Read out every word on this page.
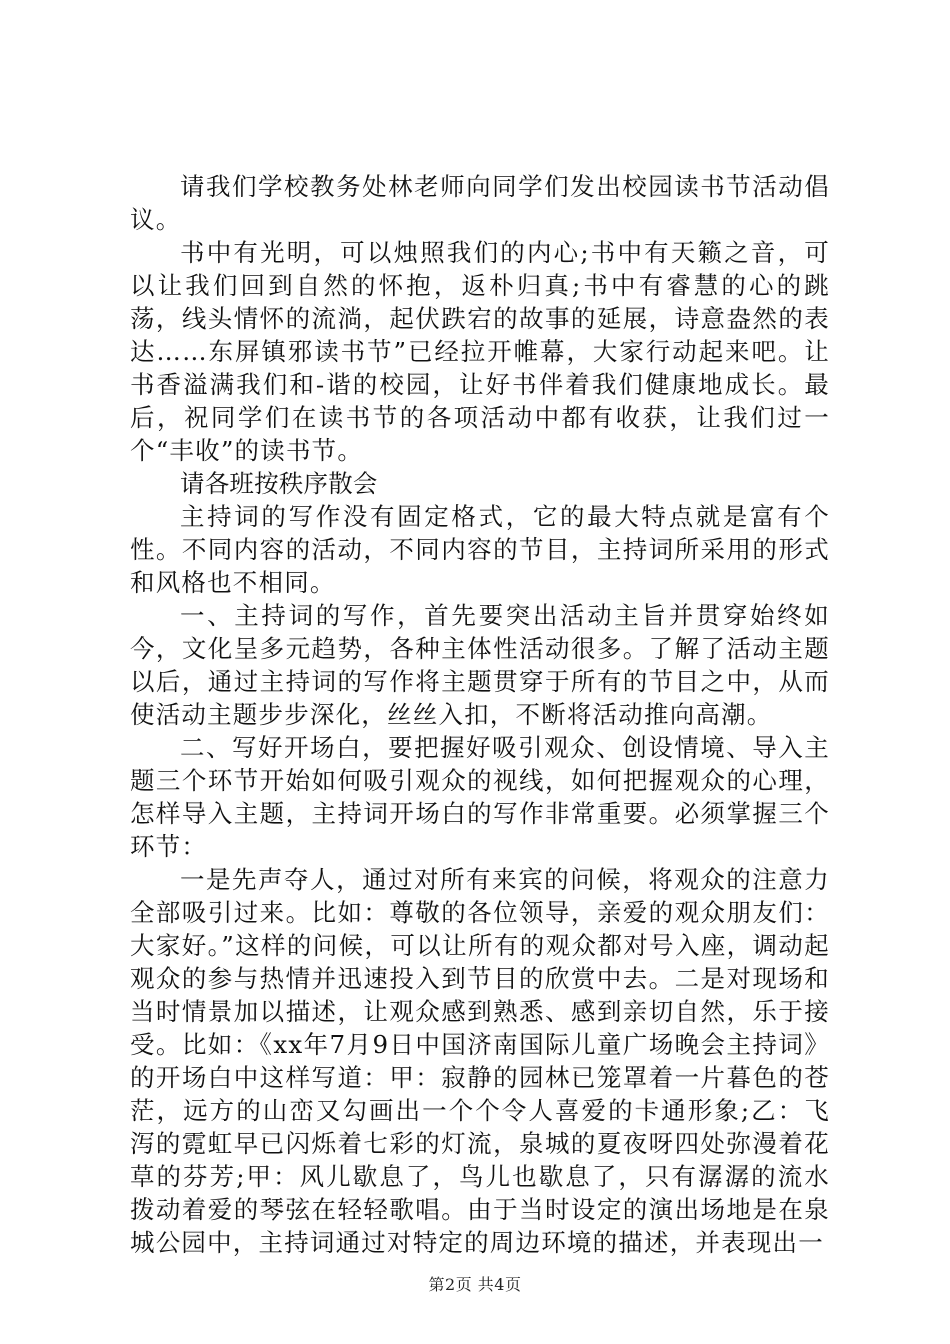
请我们学校教务处林老师向同学们发出校园读书节活动倡议。

书中有光明，可以烛照我们的内心;书中有天籁之音，可以让我们回到自然的怀抱，返朴归真;书中有睿慧的心的跳荡，线头情怀的流淌，起伏跌宕的故事的延展，诗意盎然的表达……东屏镇邪读书节”已经拉开帷幕，大家行动起来吧。让书香溢满我们和-谐的校园，让好书伴着我们健康地成长。最后，祝同学们在读书节的各项活动中都有收获，让我们过一个“丰收”的读书节。

请各班按秩序散会

主持词的写作没有固定格式，它的最大特点就是富有个性。不同内容的活动，不同内容的节目，主持词所采用的形式和风格也不相同。

一、主持词的写作，首先要突出活动主旨并贯穿始终如今，文化呈多元趋势，各种主体性活动很多。了解了活动主题以后，通过主持词的写作将主题贯穿于所有的节目之中，从而使活动主题步步深化，丝丝入扣，不断将活动推向高潮。

二、写好开场白，要把握好吸引观众、创设情境、导入主题三个环节开始如何吸引观众的视线，如何把握观众的心理，怎样导入主题，主持词开场白的写作非常重要。必须掌握三个环节：

一是先声夺人，通过对所有来宾的问候，将观众的注意力全部吸引过来。比如：尊敬的各位领导，亲爱的观众朋友们：大家好。”这样的问候，可以让所有的观众都对号入座，调动起观众的参与热情并迅速投入到节目的欣赏中去。二是对现场和当时情景加以描述，让观众感到熟悉、感到亲切自然，乐于接受。比如：《xx年7月9日中国济南国际儿童广场晚会主持词》的开场白中这样写道：甲：寂静的园林已笼罩着一片暮色的苍茫，远方的山峦又勾画出一个个令人喜爱的卡通形象;乙：飞泻的霓虹早已闪烁着七彩的灯流，泉城的夏夜呀四处弥漫着花草的芬芳;甲：风儿歇息了，鸟儿也歇息了，只有潺潺的流水拨动着爱的琴弦在轻轻歌唱。由于当时设定的演出场地是在泉城公园中，主持词通过对特定的周边环境的描述，并表现出一

第2页 共4页
